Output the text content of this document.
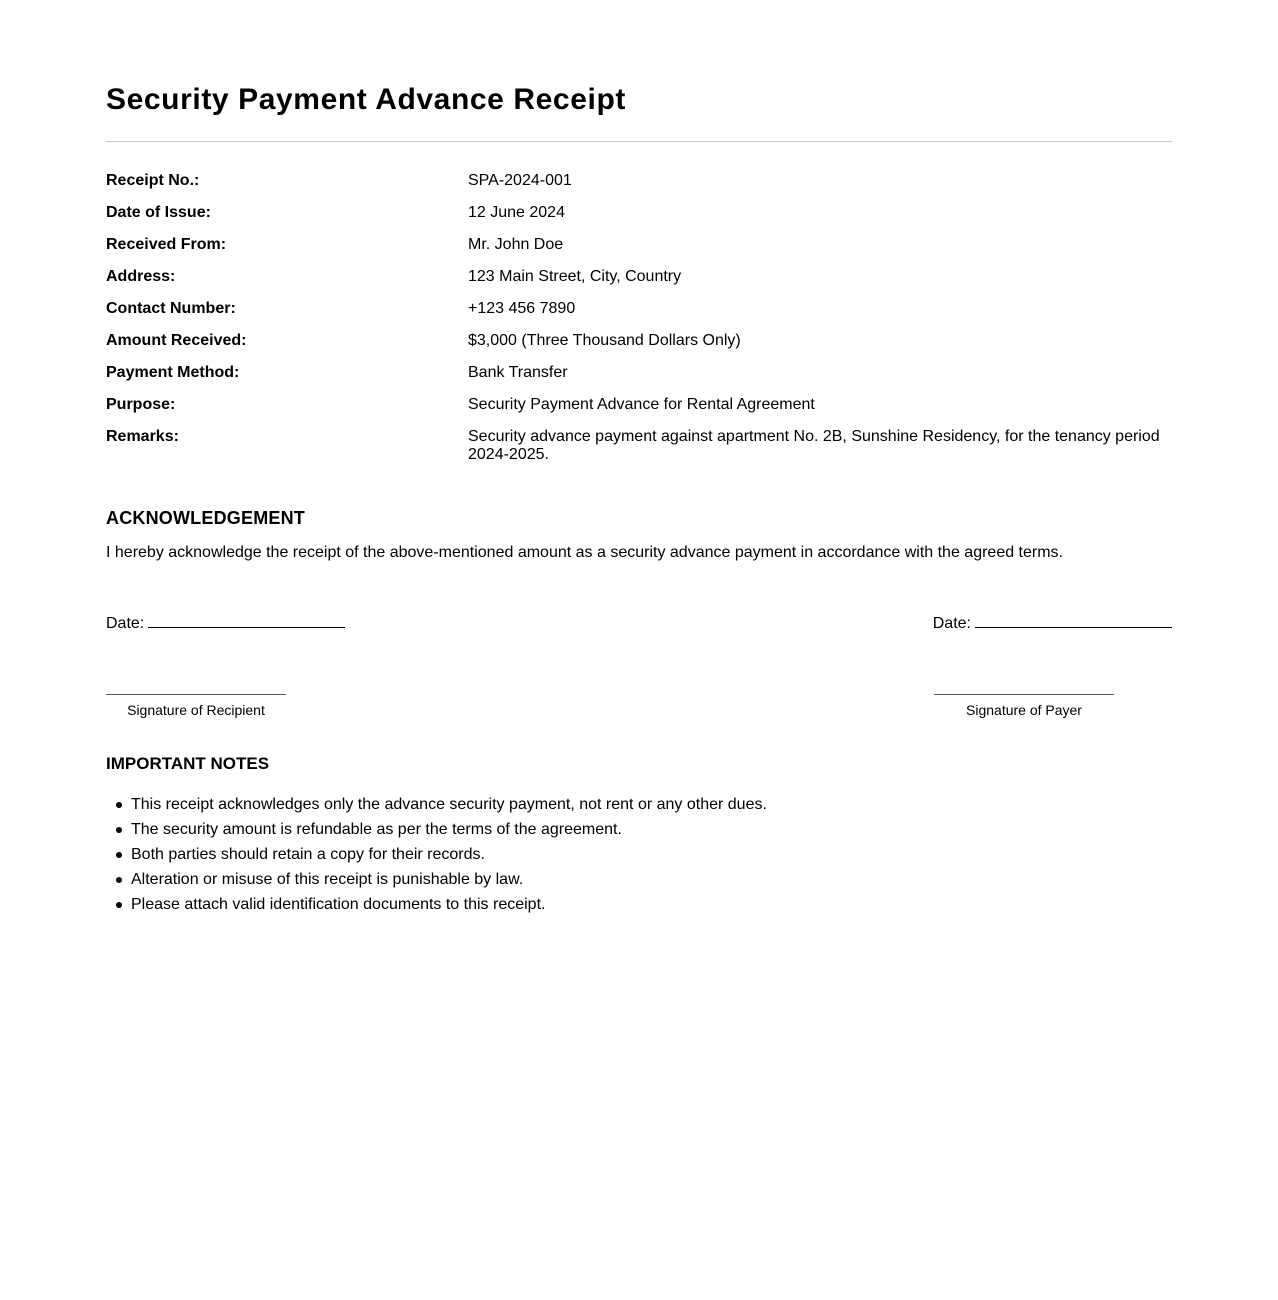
Security Payment Advance Receipt
Receipt No.:	SPA-2024-001
Date of Issue:	12 June 2024
Received From:	Mr. John Doe
Address:	123 Main Street, City, Country
Contact Number:	+123 456 7890
Amount Received:	$3,000 (Three Thousand Dollars Only)
Payment Method:	Bank Transfer
Purpose:	Security Payment Advance for Rental Agreement
Remarks:	Security advance payment against apartment No. 2B, Sunshine Residency, for the tenancy period 2024-2025.
ACKNOWLEDGEMENT

I hereby acknowledge the receipt of the above-mentioned amount as a security advance payment in accordance with the agreed terms.

Date:	Date:
Signature of Recipient	Signature of Payer
IMPORTANT NOTES
This receipt acknowledges only the advance security payment, not rent or any other dues.
The security amount is refundable as per the terms of the agreement.
Both parties should retain a copy for their records.
Alteration or misuse of this receipt is punishable by law.
Please attach valid identification documents to this receipt.
